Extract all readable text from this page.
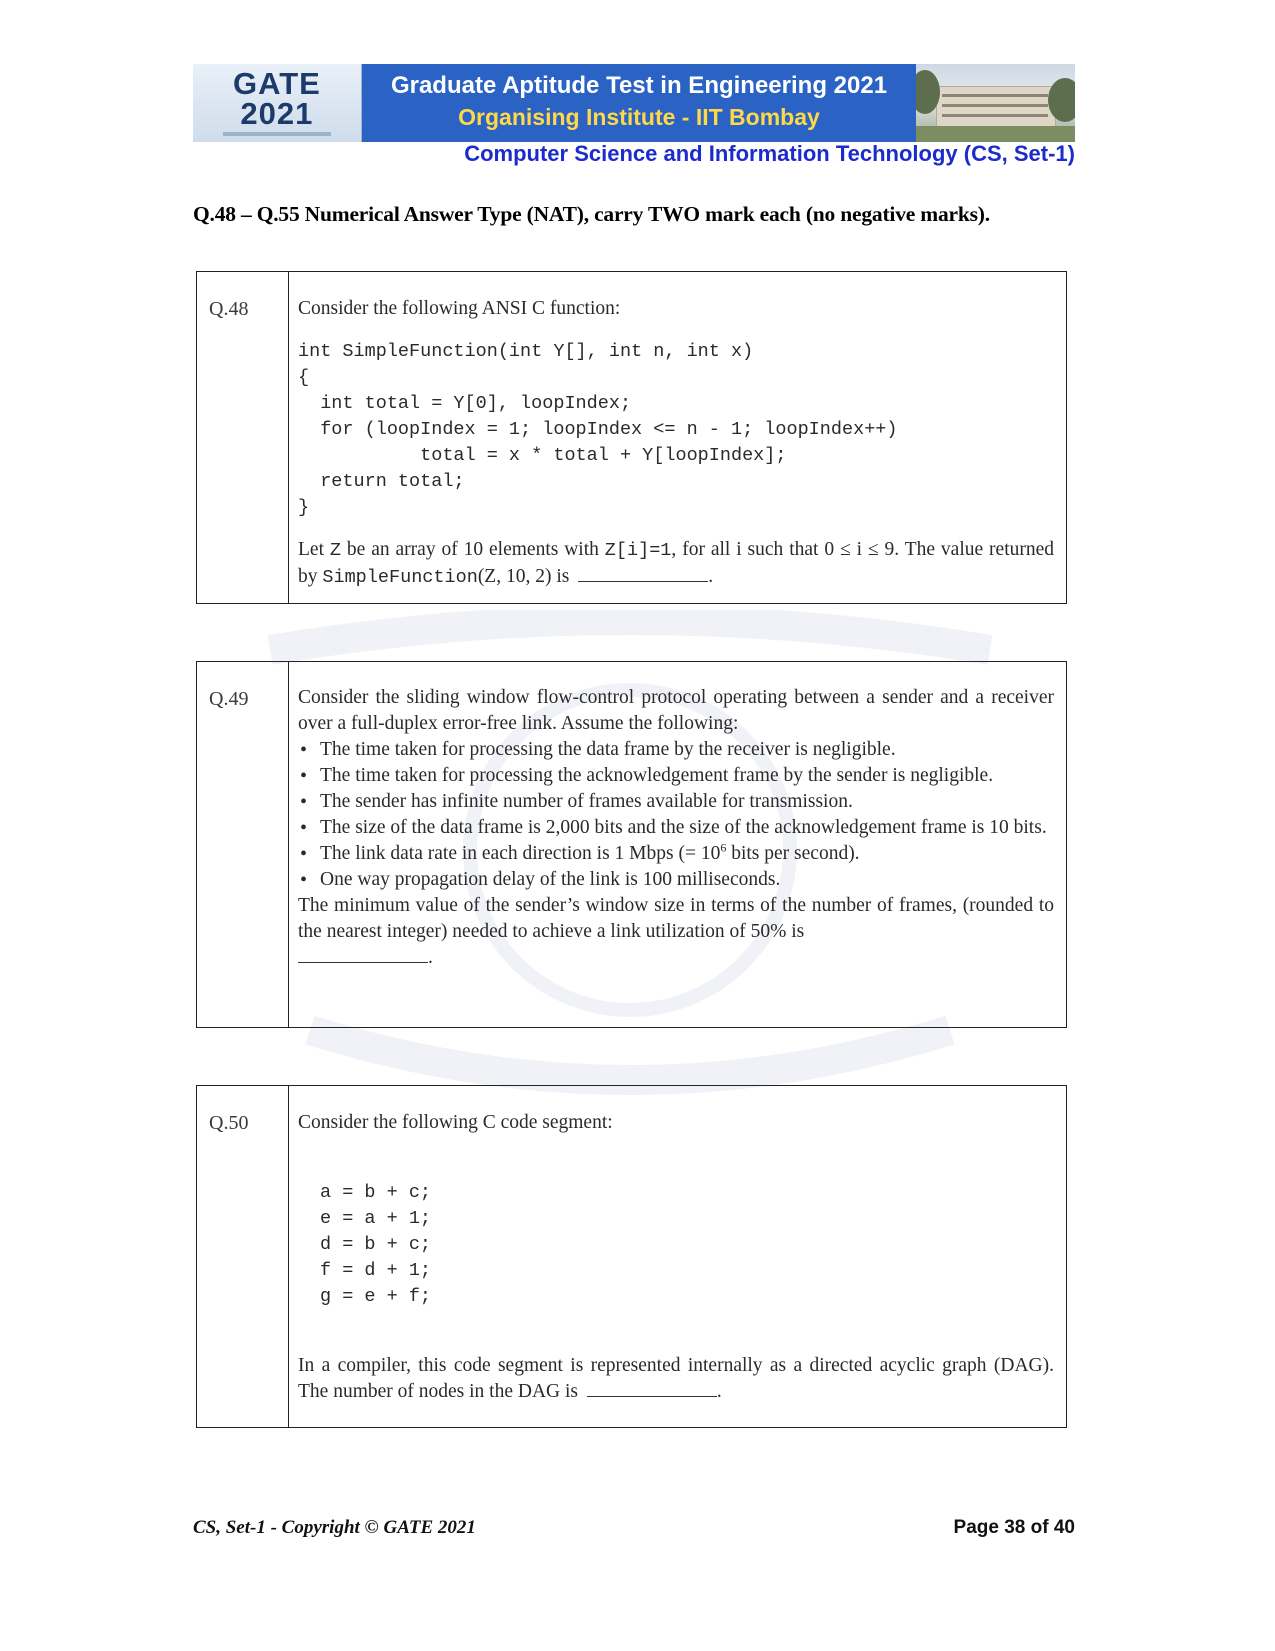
GATE
2021
Graduate Aptitude Test in Engineering 2021
Organising Institute - IIT Bombay
Computer Science and Information Technology (CS, Set-1)
Q.48 – Q.55 Numerical Answer Type (NAT), carry TWO mark each (no negative marks).
Q.48	Consider the following ANSI C function:
int SimpleFunction(int Y[], int n, int x)
{
int total = Y[0], loopIndex;
for (loopIndex = 1; loopIndex <= n - 1; loopIndex++)
total = x * total + Y[loopIndex];
return total;
}
Let Z be an array of 10 elements with Z[i]=1, for all i such that 0 ≤ i ≤ 9. The value returned by SimpleFunction(Z, 10, 2) is	.
Q.49	Consider the sliding window flow-control protocol operating between a sender and a receiver over a full-duplex error-free link. Assume the following:
• The time taken for processing the data frame by the receiver is negligible.
• The time taken for processing the acknowledgement frame by the sender is negligible.
• The sender has infinite number of frames available for transmission.
• The size of the data frame is 2,000 bits and the size of the acknowledgement frame is 10 bits.
• The link data rate in each direction is 1 Mbps (= $10^6$ bits per second).
• One way propagation delay of the link is 100 milliseconds.
The minimum value of the sender’s window size in terms of the number of frames, (rounded to the nearest integer) needed to achieve a link utilization of 50% is
.
Q.50	Consider the following C code segment:
a = b + c;
e = a + 1;
d = b + c;
f = d + 1;
g = e + f;
In a compiler, this code segment is represented internally as a directed acyclic graph (DAG). The number of nodes in the DAG is	.
CS, Set-1 - Copyright © GATE 2021	Page 38 of 40
